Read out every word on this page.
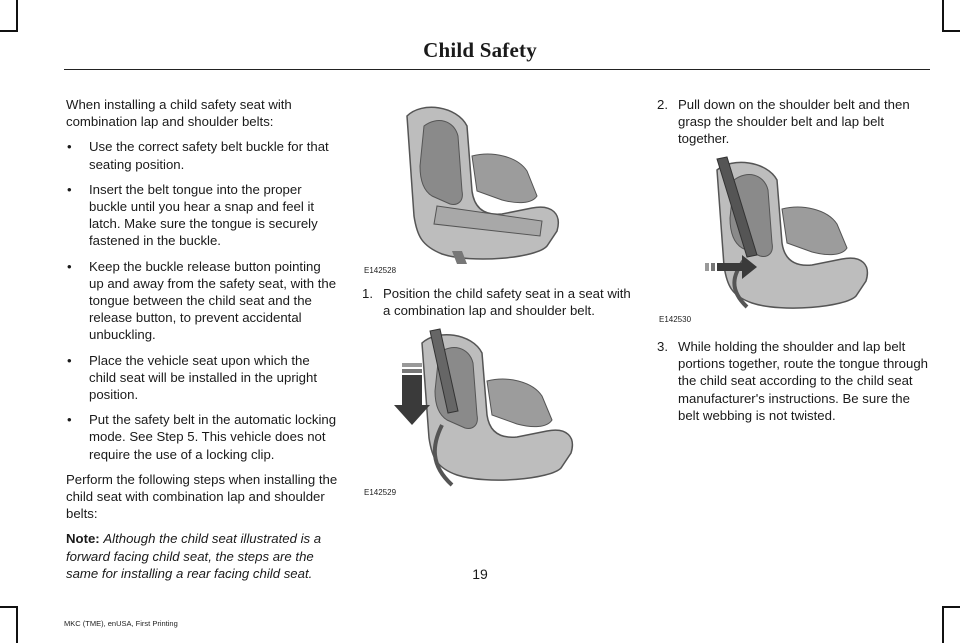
Child Safety

When installing a child safety seat with combination lap and shoulder belts:

• Use the correct safety belt buckle for that seating position.
• Insert the belt tongue into the proper buckle until you hear a snap and feel it latch. Make sure the tongue is securely fastened in the buckle.
• Keep the buckle release button pointing up and away from the safety seat, with the tongue between the child seat and the release button, to prevent accidental unbuckling.
• Place the vehicle seat upon which the child seat will be installed in the upright position.
• Put the safety belt in the automatic locking mode. See Step 5. This vehicle does not require the use of a locking clip.

Perform the following steps when installing the child seat with combination lap and shoulder belts:

Note: Although the child seat illustrated is a forward facing child seat, the steps are the same for installing a rear facing child seat.

E142528
1. Position the child safety seat in a seat with a combination lap and shoulder belt.
E142529
2. Pull down on the shoulder belt and then grasp the shoulder belt and lap belt together.
E142530
3. While holding the shoulder and lap belt portions together, route the tongue through the child seat according to the child seat manufacturer's instructions. Be sure the belt webbing is not twisted.
19
MKC (TME), enUSA, First Printing
